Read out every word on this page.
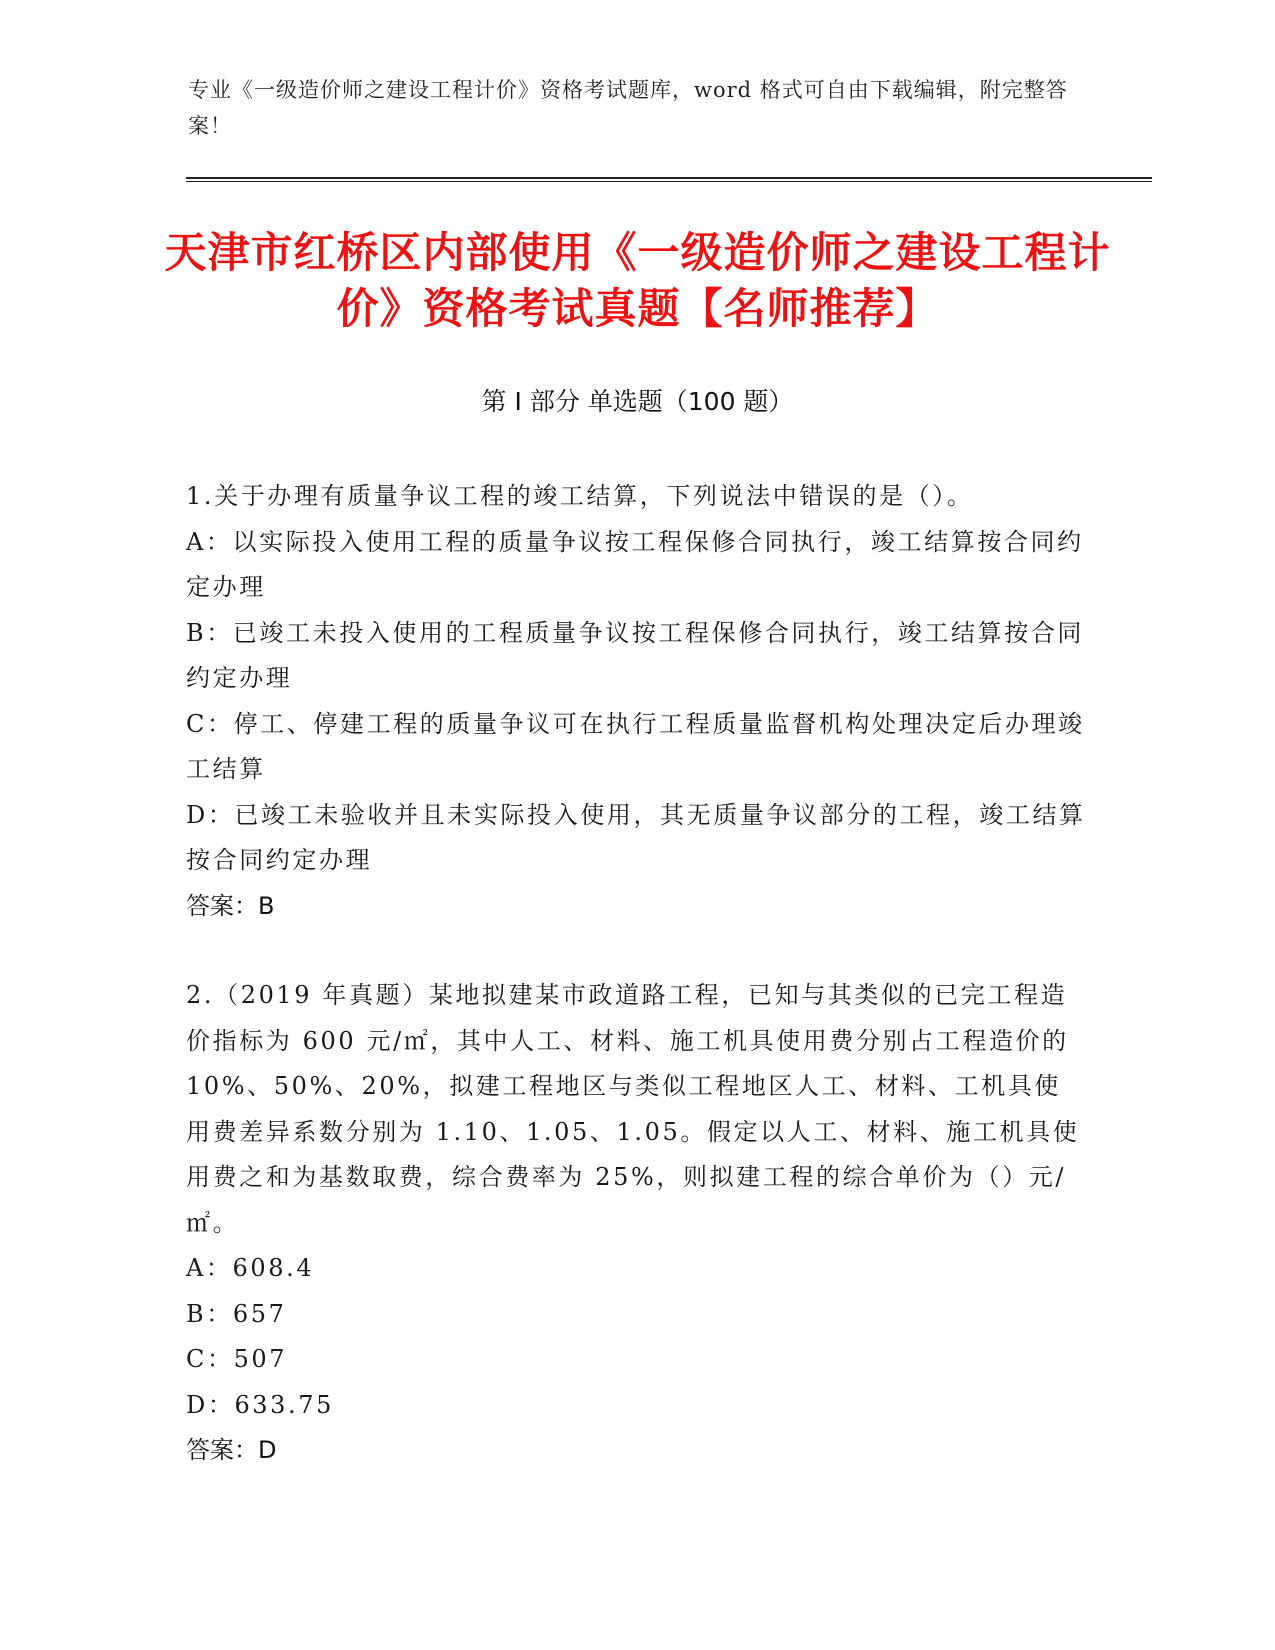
专业《一级造价师之建设工程计价》资格考试题库，word 格式可自由下载编辑，附完整答案！
天津市红桥区内部使用《一级造价师之建设工程计价》资格考试真题【名师推荐】
第 I 部分 单选题（100 题）

1.关于办理有质量争议工程的竣工结算，下列说法中错误的是（）。

A：以实际投入使用工程的质量争议按工程保修合同执行，竣工结算按合同约定办理

B：已竣工未投入使用的工程质量争议按工程保修合同执行，竣工结算按合同约定办理

C：停工、停建工程的质量争议可在执行工程质量监督机构处理决定后办理竣工结算

D：已竣工未验收并且未实际投入使用，其无质量争议部分的工程，竣工结算按合同约定办理

答案：B

2.（2019 年真题）某地拟建某市政道路工程，已知与其类似的已完工程造价指标为 600 元/㎡，其中人工、材料、施工机具使用费分别占工程造价的 10%、50%、20%，拟建工程地区与类似工程地区人工、材料、工机具使用费差异系数分别为 1.10、1.05、1.05。假定以人工、材料、施工机具使用费之和为基数取费，综合费率为 25%，则拟建工程的综合单价为（）元/㎡。

A：608.4

B：657

C：507

D：633.75

答案：D
